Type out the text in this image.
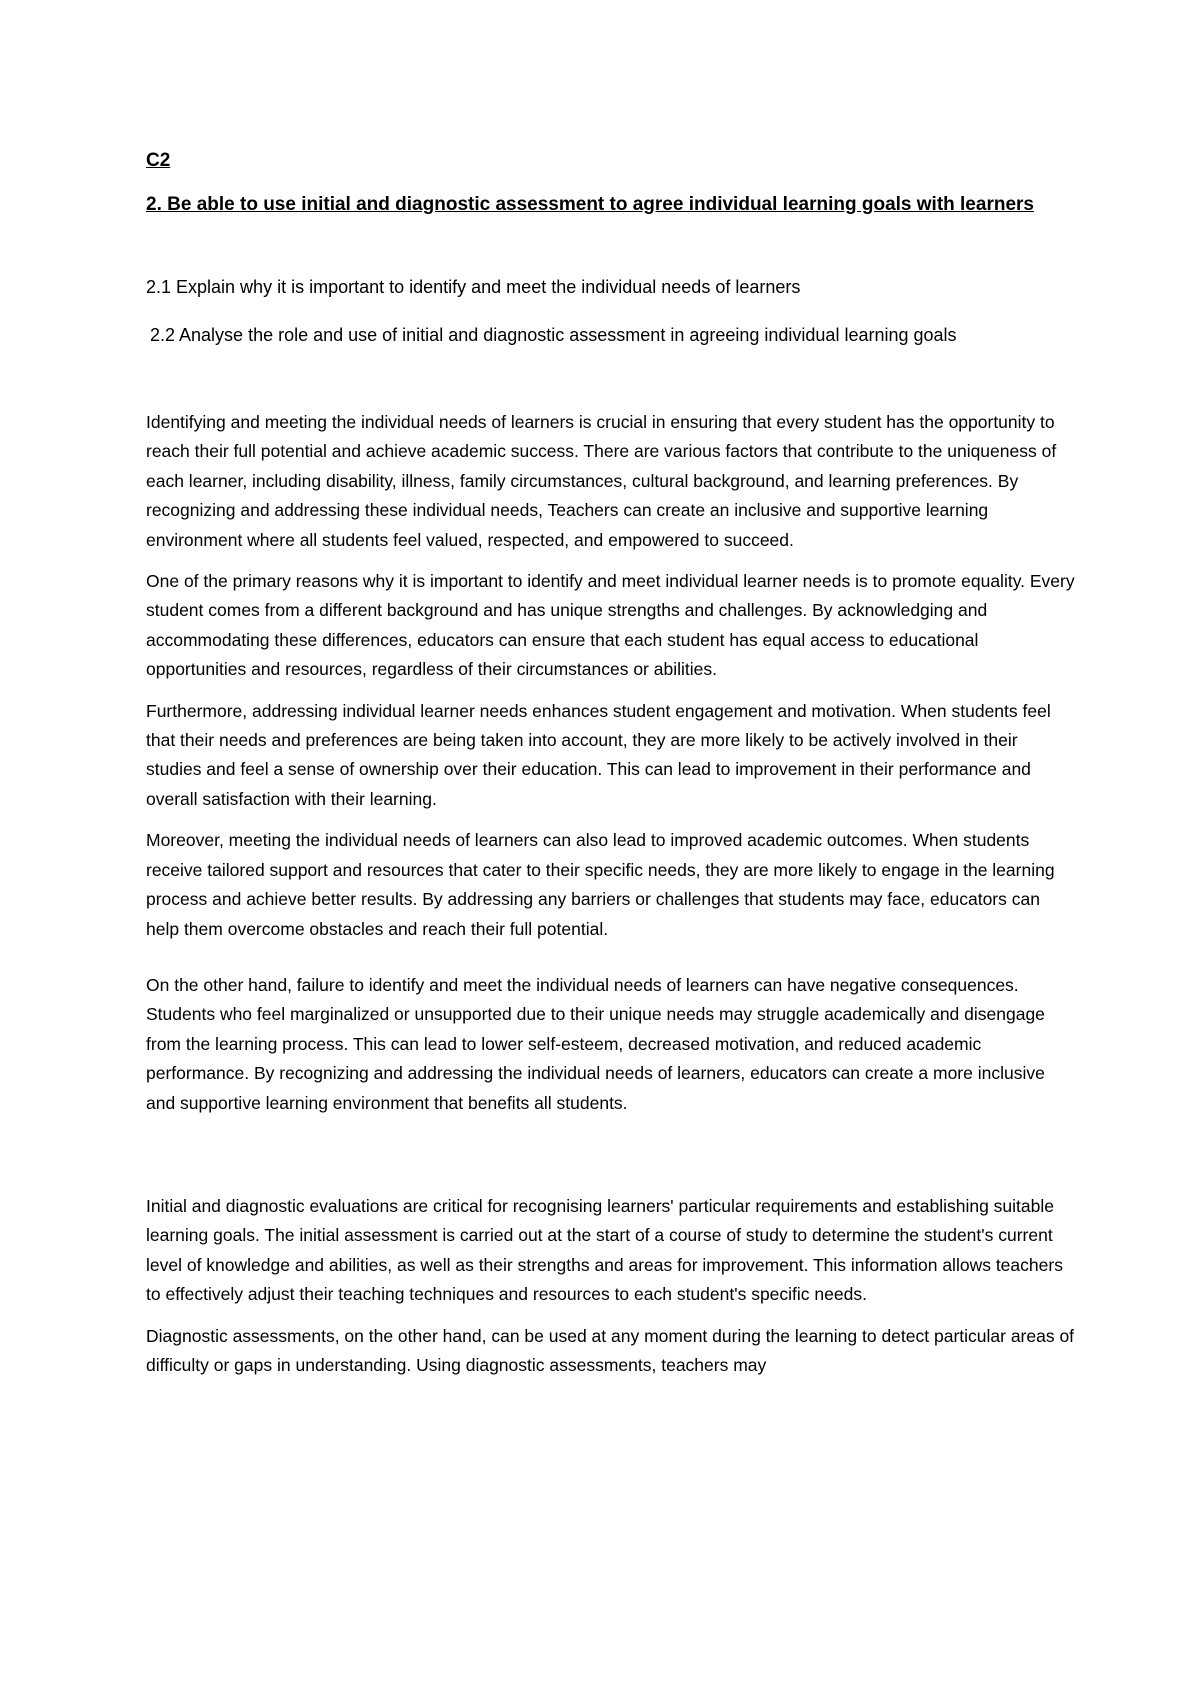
C2

2. Be able to use initial and diagnostic assessment to agree individual learning goals with learners

2.1 Explain why it is important to identify and meet the individual needs of learners

2.2 Analyse the role and use of initial and diagnostic assessment in agreeing individual learning goals

Identifying and meeting the individual needs of learners is crucial in ensuring that every student has the opportunity to reach their full potential and achieve academic success. There are various factors that contribute to the uniqueness of each learner, including disability, illness, family circumstances, cultural background, and learning preferences. By recognizing and addressing these individual needs, Teachers can create an inclusive and supportive learning environment where all students feel valued, respected, and empowered to succeed.

One of the primary reasons why it is important to identify and meet individual learner needs is to promote equality. Every student comes from a different background and has unique strengths and challenges. By acknowledging and accommodating these differences, educators can ensure that each student has equal access to educational opportunities and resources, regardless of their circumstances or abilities.

Furthermore, addressing individual learner needs enhances student engagement and motivation. When students feel that their needs and preferences are being taken into account, they are more likely to be actively involved in their studies and feel a sense of ownership over their education. This can lead to improvement in their performance and overall satisfaction with their learning.

Moreover, meeting the individual needs of learners can also lead to improved academic outcomes. When students receive tailored support and resources that cater to their specific needs, they are more likely to engage in the learning process and achieve better results. By addressing any barriers or challenges that students may face, educators can help them overcome obstacles and reach their full potential.

On the other hand, failure to identify and meet the individual needs of learners can have negative consequences. Students who feel marginalized or unsupported due to their unique needs may struggle academically and disengage from the learning process. This can lead to lower self-esteem, decreased motivation, and reduced academic performance. By recognizing and addressing the individual needs of learners, educators can create a more inclusive and supportive learning environment that benefits all students.

Initial and diagnostic evaluations are critical for recognising learners' particular requirements and establishing suitable learning goals. The initial assessment is carried out at the start of a course of study to determine the student's current level of knowledge and abilities, as well as their strengths and areas for improvement. This information allows teachers to effectively adjust their teaching techniques and resources to each student's specific needs.

Diagnostic assessments, on the other hand, can be used at any moment during the learning to detect particular areas of difficulty or gaps in understanding. Using diagnostic assessments, teachers may
